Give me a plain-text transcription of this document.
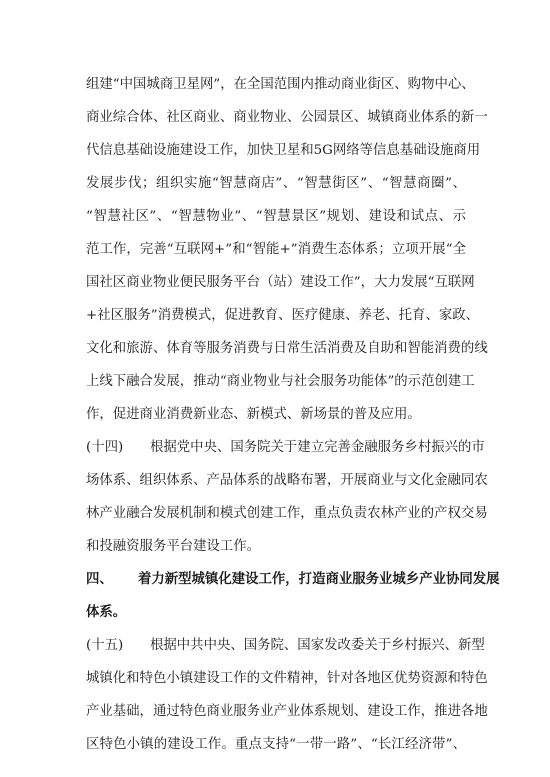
组建“中国城商卫星网”，在全国范围内推动商业街区、购物中心、
商业综合体、社区商业、商业物业、公园景区、城镇商业体系的新一
代信息基础设施建设工作，加快卫星和5G网络等信息基础设施商用
发展步伐；组织实施“智慧商店”、“智慧街区”、“智慧商圈”、
“智慧社区”、“智慧物业”、“智慧景区”规划、建设和试点、示
范工作，完善“互联网+”和“智能+”消费生态体系；立项开展“全
国社区商业物业便民服务平台（站）建设工作”，大力发展“互联网
+社区服务”消费模式，促进教育、医疗健康、养老、托育、家政、
文化和旅游、体育等服务消费与日常生活消费及自助和智能消费的线
上线下融合发展，推动“商业物业与社会服务功能体”的示范创建工
作，促进商业消费新业态、新模式、新场景的普及应用。
(十四)　　根据党中央、国务院关于建立完善金融服务乡村振兴的市
场体系、组织体系、产品体系的战略布署，开展商业与文化金融同农
林产业融合发展机制和模式创建工作，重点负责农林产业的产权交易
和投融资服务平台建设工作。
四、 着力新型城镇化建设工作，打造商业服务业城乡产业协同发展
体系。
(十五)　　根据中共中央、国务院、国家发改委关于乡村振兴、新型
城镇化和特色小镇建设工作的文件精神，针对各地区优势资源和特色
产业基础，通过特色商业服务业产业体系规划、建设工作，推进各地
区特色小镇的建设工作。重点支持“一带一路”、“长江经济带”、
